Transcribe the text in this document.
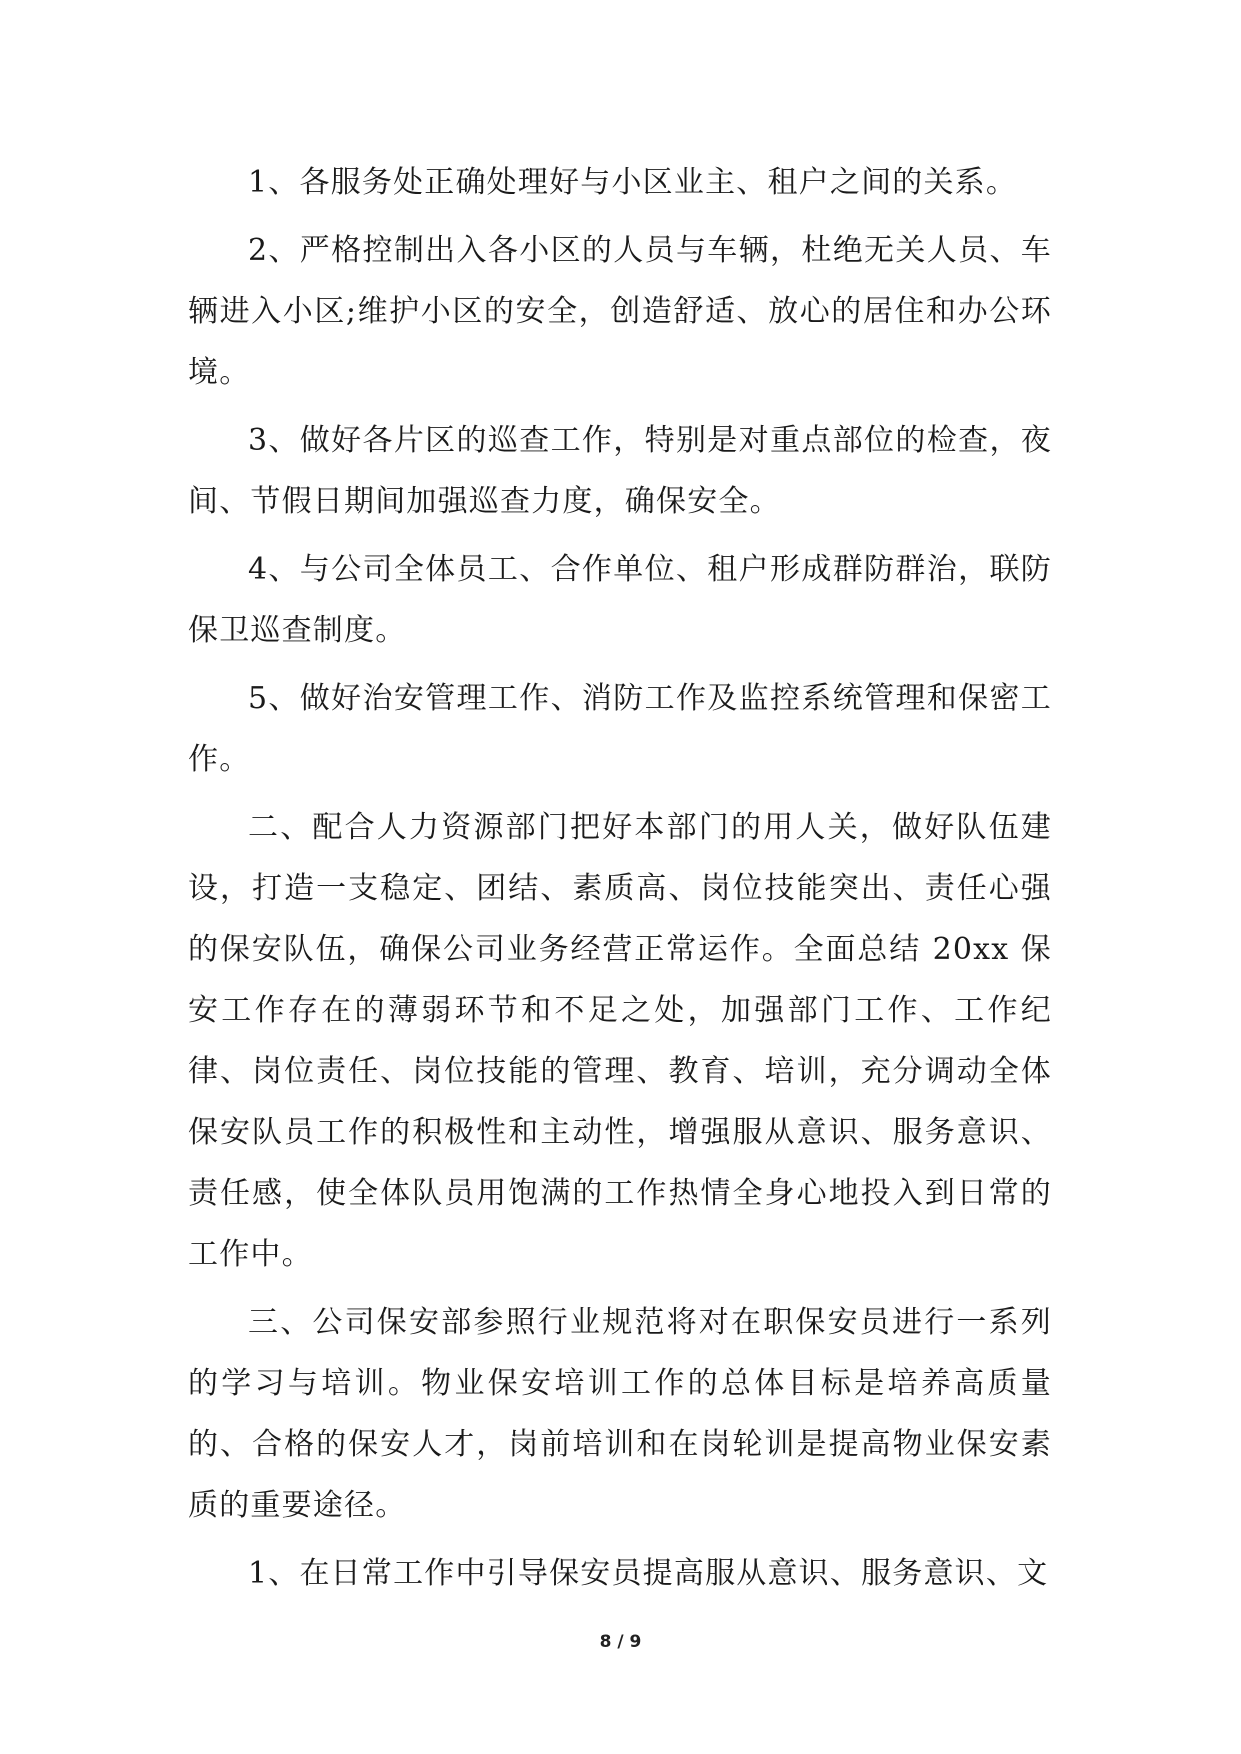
1、各服务处正确处理好与小区业主、租户之间的关系。

2、严格控制出入各小区的人员与车辆，杜绝无关人员、车辆进入小区;维护小区的安全，创造舒适、放心的居住和办公环境。

3、做好各片区的巡查工作，特别是对重点部位的检查，夜间、节假日期间加强巡查力度，确保安全。

4、与公司全体员工、合作单位、租户形成群防群治，联防保卫巡查制度。

5、做好治安管理工作、消防工作及监控系统管理和保密工作。

二、配合人力资源部门把好本部门的用人关，做好队伍建设，打造一支稳定、团结、素质高、岗位技能突出、责任心强的保安队伍，确保公司业务经营正常运作。全面总结 20xx 保安工作存在的薄弱环节和不足之处，加强部门工作、工作纪律、岗位责任、岗位技能的管理、教育、培训，充分调动全体保安队员工作的积极性和主动性，增强服从意识、服务意识、责任感，使全体队员用饱满的工作热情全身心地投入到日常的工作中。

三、公司保安部参照行业规范将对在职保安员进行一系列的学习与培训。物业保安培训工作的总体目标是培养高质量的、合格的保安人才，岗前培训和在岗轮训是提高物业保安素质的重要途径。

1、在日常工作中引导保安员提高服从意识、服务意识、文

8 / 9
